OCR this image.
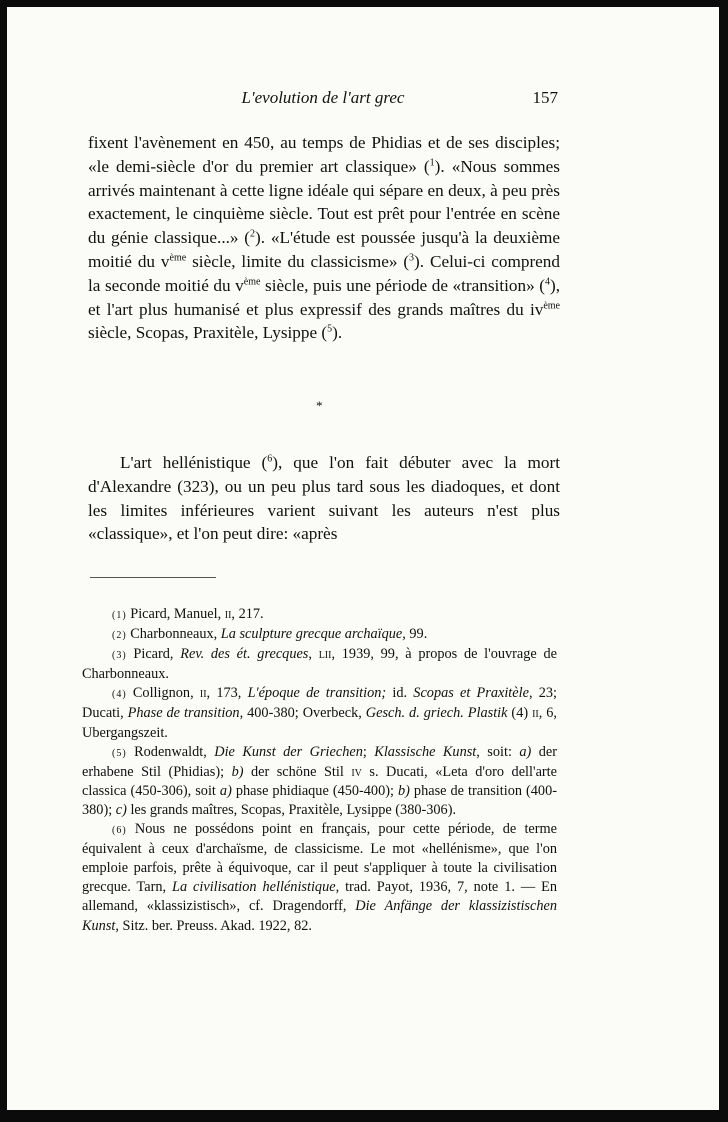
L'evolution de l'art grec	157

fixent l'avènement en 450, au temps de Phidias et de ses disciples; «le demi-siècle d'or du premier art classique» ($^1$). «Nous sommes arrivés maintenant à cette ligne idéale qui sépare en deux, à peu près exactement, le cinquième siècle. Tout est prêt pour l'entrée en scène du génie classique...» ($^2$). «L'étude est poussée jusqu'à la deuxième moitié du $v^{ème}$ siècle, limite du classicisme» ($^3$). Celui-ci comprend la seconde moitié du $v^{ème}$ siècle, puis une période de «transition» ($^4$), et l'art plus humanisé et plus expressif des grands maîtres du $iv^{ème}$ siècle, Scopas, Praxitèle, Lysippe ($^5$).

*

L'art hellénistique ($^6$), que l'on fait débuter avec la mort d'Alexandre (323), ou un peu plus tard sous les diadoques, et dont les limites inférieures varient suivant les auteurs n'est plus «classique», et l'on peut dire: «après

(1) Picard, Manuel, ii, 217.

(2) Charbonneaux, La sculpture grecque archaïque, 99.

(3) Picard, Rev. des ét. grecques, lii, 1939, 99, à propos de l'ouvrage de Charbonneaux.

(4) Collignon, ii, 173, L'époque de transition; id. Scopas et Praxitèle, 23; Ducati, Phase de transition, 400-380; Overbeck, Gesch. d. griech. Plastik (4) ii, 6, Ubergangszeit.

(5) Rodenwaldt, Die Kunst der Griechen; Klassische Kunst, soit: a) der erhabene Stil (Phidias); b) der schöne Stil iv s. Ducati, «Leta d'oro dell'arte classica (450-306), soit a) phase phidiaque (450-400); b) phase de transition (400-380); c) les grands maîtres, Scopas, Praxitèle, Lysippe (380-306).

(6) Nous ne possédons point en français, pour cette période, de terme équivalent à ceux d'archaïsme, de classicisme. Le mot «hellénisme», que l'on emploie parfois, prête à équivoque, car il peut s'appliquer à toute la civilisation grecque. Tarn, La civilisation hellénistique, trad. Payot, 1936, 7, note 1. — En allemand, «klassizistisch», cf. Dragendorff, Die Anfänge der klassizistischen Kunst, Sitz. ber. Preuss. Akad. 1922, 82.
